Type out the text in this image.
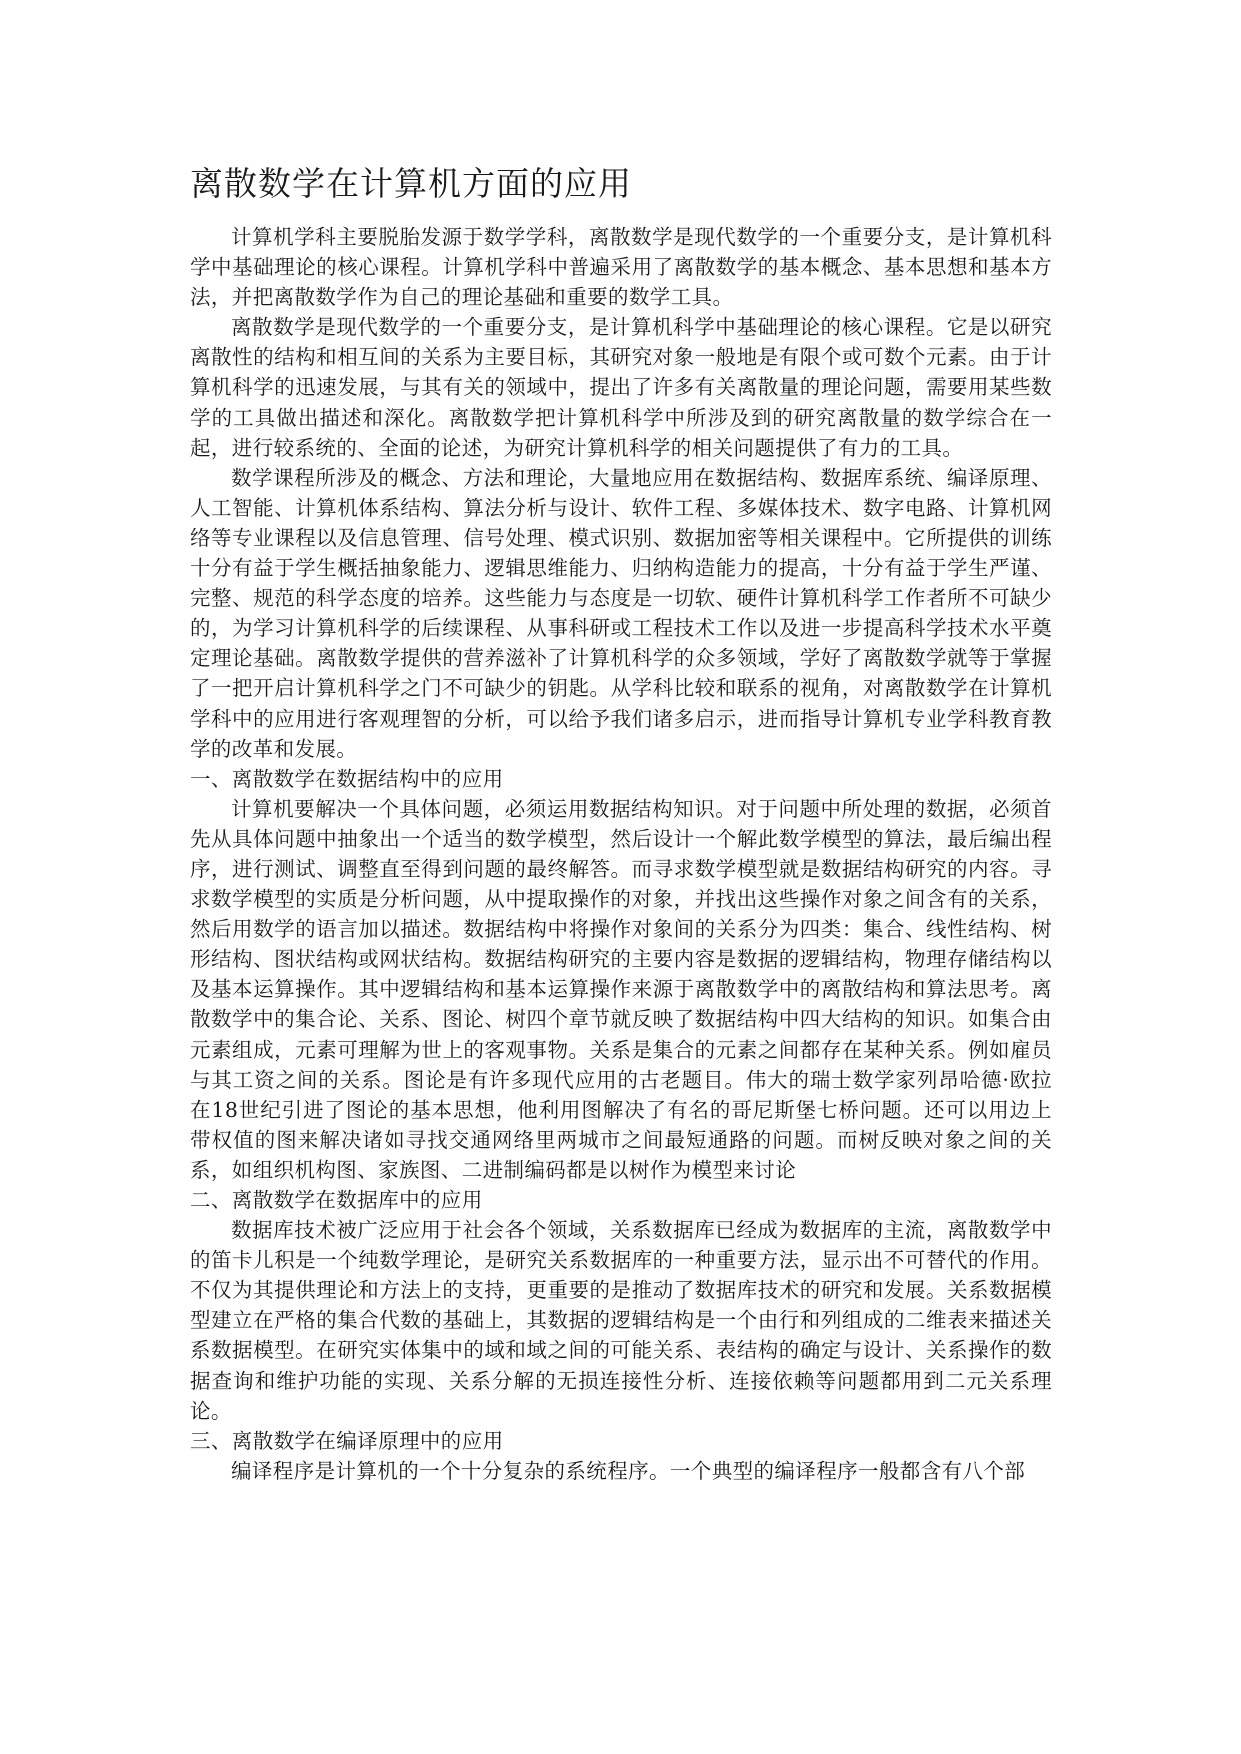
离散数学在计算机方面的应用

计算机学科主要脱胎发源于数学学科，离散数学是现代数学的一个重要分支，是计算机科学中基础理论的核心课程。计算机学科中普遍采用了离散数学的基本概念、基本思想和基本方法，并把离散数学作为自己的理论基础和重要的数学工具。

离散数学是现代数学的一个重要分支，是计算机科学中基础理论的核心课程。它是以研究离散性的结构和相互间的关系为主要目标，其研究对象一般地是有限个或可数个元素。由于计算机科学的迅速发展，与其有关的领域中，提出了许多有关离散量的理论问题，需要用某些数学的工具做出描述和深化。离散数学把计算机科学中所涉及到的研究离散量的数学综合在一起，进行较系统的、全面的论述，为研究计算机科学的相关问题提供了有力的工具。

数学课程所涉及的概念、方法和理论，大量地应用在数据结构、数据库系统、编译原理、人工智能、计算机体系结构、算法分析与设计、软件工程、多媒体技术、数字电路、计算机网络等专业课程以及信息管理、信号处理、模式识别、数据加密等相关课程中。它所提供的训练十分有益于学生概括抽象能力、逻辑思维能力、归纳构造能力的提高，十分有益于学生严谨、完整、规范的科学态度的培养。这些能力与态度是一切软、硬件计算机科学工作者所不可缺少的，为学习计算机科学的后续课程、从事科研或工程技术工作以及进一步提高科学技术水平奠定理论基础。离散数学提供的营养滋补了计算机科学的众多领域，学好了离散数学就等于掌握了一把开启计算机科学之门不可缺少的钥匙。从学科比较和联系的视角，对离散数学在计算机学科中的应用进行客观理智的分析，可以给予我们诸多启示，进而指导计算机专业学科教育教学的改革和发展。

一、离散数学在数据结构中的应用

计算机要解决一个具体问题，必须运用数据结构知识。对于问题中所处理的数据，必须首先从具体问题中抽象出一个适当的数学模型，然后设计一个解此数学模型的算法，最后编出程序，进行测试、调整直至得到问题的最终解答。而寻求数学模型就是数据结构研究的内容。寻求数学模型的实质是分析问题，从中提取操作的对象，并找出这些操作对象之间含有的关系，然后用数学的语言加以描述。数据结构中将操作对象间的关系分为四类：集合、线性结构、树形结构、图状结构或网状结构。数据结构研究的主要内容是数据的逻辑结构，物理存储结构以及基本运算操作。其中逻辑结构和基本运算操作来源于离散数学中的离散结构和算法思考。离散数学中的集合论、关系、图论、树四个章节就反映了数据结构中四大结构的知识。如集合由元素组成，元素可理解为世上的客观事物。关系是集合的元素之间都存在某种关系。例如雇员与其工资之间的关系。图论是有许多现代应用的古老题目。伟大的瑞士数学家列昂哈德·欧拉在18世纪引进了图论的基本思想，他利用图解决了有名的哥尼斯堡七桥问题。还可以用边上带权值的图来解决诸如寻找交通网络里两城市之间最短通路的问题。而树反映对象之间的关系，如组织机构图、家族图、二进制编码都是以树作为模型来讨论

二、离散数学在数据库中的应用

数据库技术被广泛应用于社会各个领域，关系数据库已经成为数据库的主流，离散数学中的笛卡儿积是一个纯数学理论，是研究关系数据库的一种重要方法，显示出不可替代的作用。不仅为其提供理论和方法上的支持，更重要的是推动了数据库技术的研究和发展。关系数据模型建立在严格的集合代数的基础上，其数据的逻辑结构是一个由行和列组成的二维表来描述关系数据模型。在研究实体集中的域和域之间的可能关系、表结构的确定与设计、关系操作的数据查询和维护功能的实现、关系分解的无损连接性分析、连接依赖等问题都用到二元关系理论。

三、离散数学在编译原理中的应用

编译程序是计算机的一个十分复杂的系统程序。一个典型的编译程序一般都含有八个部
